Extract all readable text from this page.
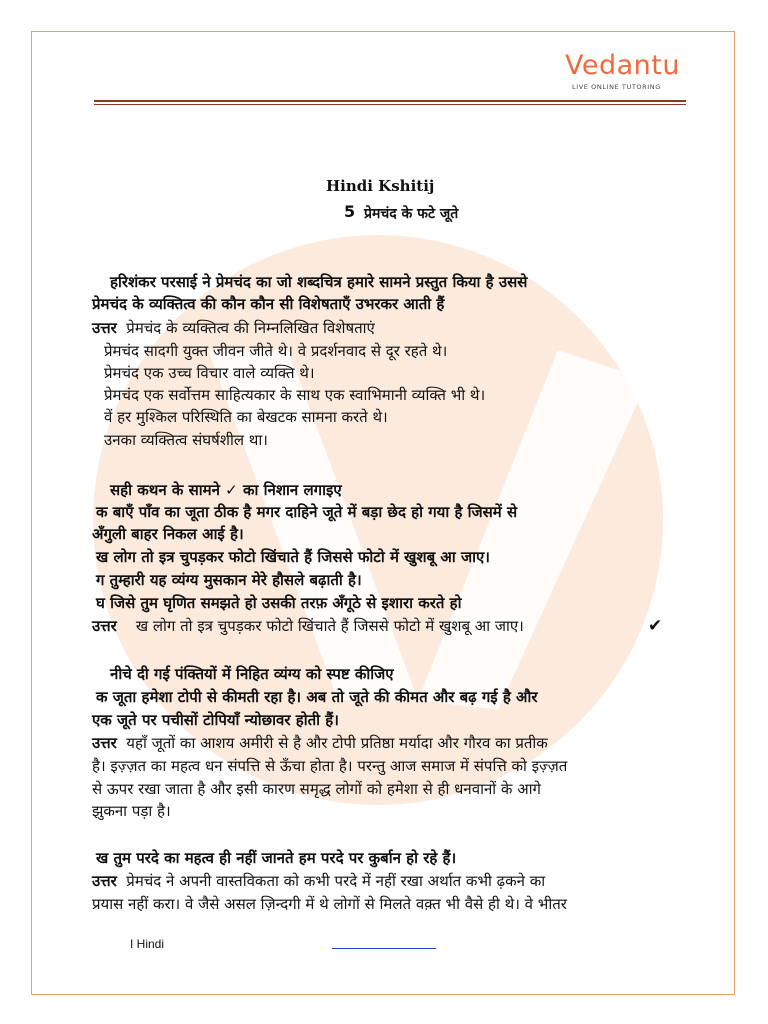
Vedantu
LIVE ONLINE TUTORING
Hindi Kshitij
5 प्रेमचंद के फटे जूते
हरिशंकर परसाई ने प्रेमचंद का जो शब्दचित्र हमारे सामने प्रस्तुत किया है उससे
प्रेमचंद के व्यक्तित्व की कौन कौन सी विशेषताएँ उभरकर आती हैं
उत्तर प्रेमचंद के व्यक्तित्व की निम्नलिखित विशेषताएं
प्रेमचंद सादगी युक्त जीवन जीते थे। वे प्रदर्शनवाद से दूर रहते थे।
प्रेमचंद एक उच्च विचार वाले व्यक्ति थे।
प्रेमचंद एक सर्वोत्तम साहित्यकार के साथ एक स्वाभिमानी व्यक्ति भी थे।
वें हर मुश्किल परिस्थिति का बेखटक सामना करते थे।
उनका व्यक्तित्व संघर्षशील था।
सही कथन के सामने ✓ का निशान लगाइए
क बाएँ पाँव का जूता ठीक है मगर दाहिने जूते में बड़ा छेद हो गया है जिसमें से
अँगुली बाहर निकल आई है।
ख लोग तो इत्र चुपड़कर फोटो खिंचाते हैं जिससे फोटो में खुशबू आ जाए।
ग तुम्हारी यह व्यंग्य मुसकान मेरे हौसले बढ़ाती है।
घ जिसे तुम घृणित समझते हो उसकी तरफ़ अँगूठे से इशारा करते हो
उत्तर ख लोग तो इत्र चुपड़कर फोटो खिंचाते हैं जिससे फोटो में खुशबू आ जाए।	✔
नीचे दी गई पंक्तियों में निहित व्यंग्य को स्पष्ट कीजिए
क जूता हमेशा टोपी से कीमती रहा है। अब तो जूते की कीमत और बढ़ गई है और
एक जूते पर पचीसों टोपियाँ न्योछावर होती हैं।
उत्तर यहाँ जूतों का आशय अमीरी से है और टोपी प्रतिष्ठा मर्यादा और गौरव का प्रतीक
है। इज़्ज़त का महत्व धन संपत्ति से ऊँचा होता है। परन्तु आज समाज में संपत्ति को इज़्ज़त
से ऊपर रखा जाता है और इसी कारण समृद्ध लोगों को हमेशा से ही धनवानों के आगे
झुकना पड़ा है।
ख तुम परदे का महत्व ही नहीं जानते हम परदे पर कुर्बान हो रहे हैं।
उत्तर प्रेमचंद ने अपनी वास्तविकता को कभी परदे में नहीं रखा अर्थात कभी ढ़कने का
प्रयास नहीं करा। वे जैसे असल ज़िन्दगी में थे लोगों से मिलते वक़्त भी वैसे ही थे। वे भीतर
I Hindi
